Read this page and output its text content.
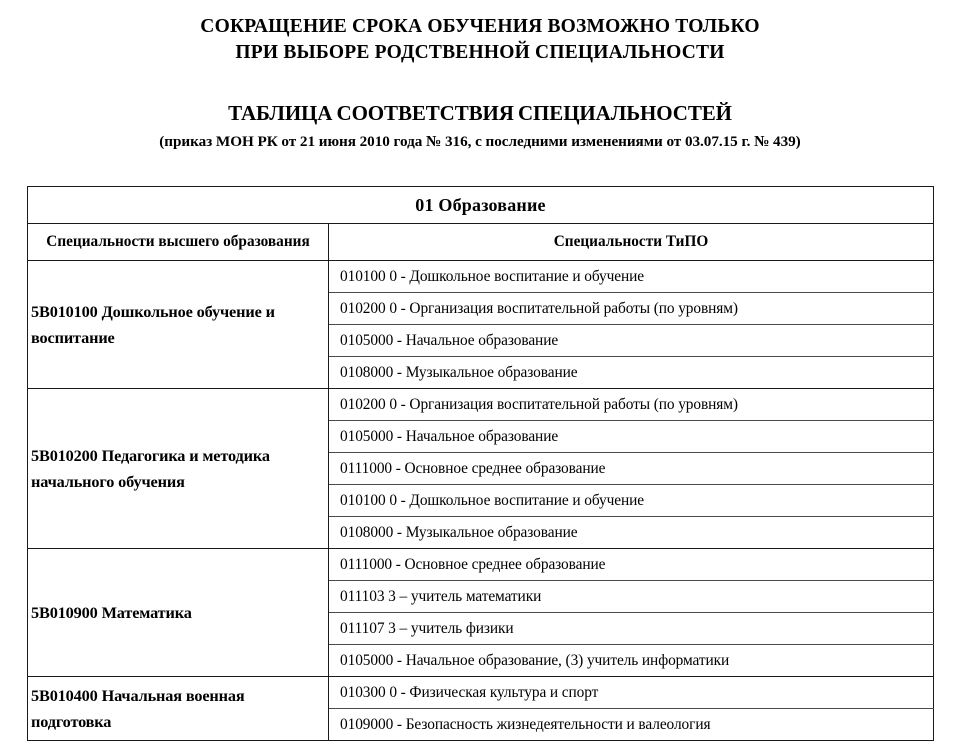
СОКРАЩЕНИЕ СРОКА ОБУЧЕНИЯ ВОЗМОЖНО ТОЛЬКО
ПРИ ВЫБОРЕ РОДСТВЕННОЙ СПЕЦИАЛЬНОСТИ
ТАБЛИЦА СООТВЕТСТВИЯ СПЕЦИАЛЬНОСТЕЙ

(приказ МОН РК от 21 июня 2010 года № 316, с последними изменениями от 03.07.15 г. № 439)

01 Образование	
Специальности высшего образования	Специальности ТиПО
5В010100 Дошкольное обучение и воспитание	010100 0 - Дошкольное воспитание и обучение
	010200 0 - Организация воспитательной работы (по уровням)
	0105000 - Начальное образование
	0108000 - Музыкальное образование
5В010200 Педагогика и методика начального обучения	010200 0 - Организация воспитательной работы (по уровням)
	0105000 - Начальное образование
	0111000 - Основное среднее образование
	010100 0 - Дошкольное воспитание и обучение
	0108000 - Музыкальное образование
5В010900 Математика	0111000 - Основное среднее образование
	011103 3 – учитель математики
	011107 3 – учитель физики
	0105000 - Начальное образование, (3) учитель информатики
5В010400 Начальная военная подготовка	010300 0 - Физическая культура и спорт
	0109000 - Безопасность жизнедеятельности и валеология
